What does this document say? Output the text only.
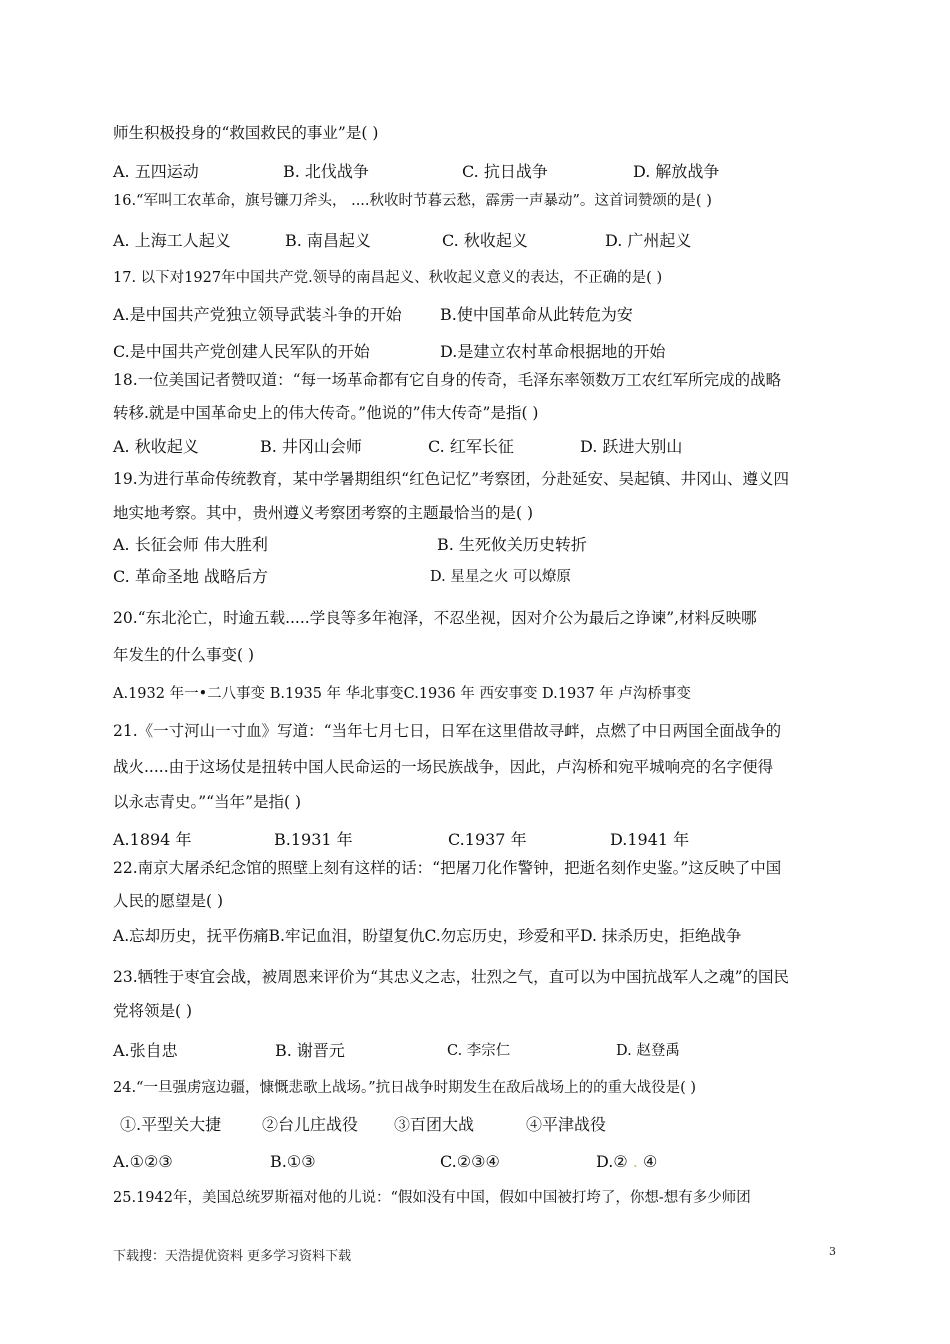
师生积极投身的“救国救民的事业”是( )
A. 五四运动	B. 北伐战争	C. 抗日战争	D. 解放战争
16.“军叫工农革命，旗号镰刀斧头， ....秋收时节暮云愁，霹雳一声暴动”。这首词赞颂的是( )
A. 上海工人起义	B. 南昌起义	C. 秋收起义	D. 广州起义
17. 以下对1927年中国共产党.领导的南昌起义、秋收起义意义的表达，不正确的是( )
A.是中国共产党独立领导武装斗争的开始 B.使中国革命从此转危为安
C.是中国共产党创建人民军队的开始	D.是建立农村革命根据地的开始
18.一位美国记者赞叹道：“每一场革命都有它自身的传奇，毛泽东率领数万工农红军所完成的战略
转移.就是中国革命史上的伟大传奇。”他说的”伟大传奇”是指( )
A. 秋收起义	B. 井冈山会师	C. 红军长征	D. 跃进大别山
19.为进行革命传统教育，某中学暑期组织“红色记忆”考察团，分赴延安、吴起镇、井冈山、遵义四
地实地考察。其中，贵州遵义考察团考察的主题最恰当的是( )
A. 长征会师 伟大胜利	B. 生死攸关历史转折
C. 革命圣地 战略后方	D. 星星之火 可以燎原
20.“东北沦亡，时逾五载.....学良等多年袍泽，不忍坐视，因对介公为最后之诤谏”,材料反映哪
年发生的什么事变( )
A.1932 年一•二八事变 B.1935 年 华北事变C.1936 年 西安事变 D.1937 年 卢沟桥事变
21.《一寸河山一寸血》写道：“当年七月七日，日军在这里借故寻衅，点燃了中日两国全面战争的
战火.....由于这场仗是扭转中国人民命运的一场民族战争，因此，卢沟桥和宛平城响亮的名字便得
以永志青史。”“当年”是指( )
A.1894 年	B.1931 年	C.1937 年	D.1941 年
22.南京大屠杀纪念馆的照壁上刻有这样的话：“把屠刀化作警钟，把逝名刻作史鉴。”这反映了中国
人民的愿望是( )
A.忘却历史，抚平伤痛B.牢记血泪，盼望复仇C.勿忘历史，珍爱和平D. 抹杀历史，拒绝战争
23.牺牲于枣宜会战，被周恩来评价为“其忠义之志，壮烈之气，直可以为中国抗战军人之魂”的国民
党将领是( )
A.张自忠	B. 谢晋元	C. 李宗仁	D. 赵登禹
24.“一旦强虏寇边疆，慷慨悲歌上战场。”抗日战争时期发生在敌后战场上的的重大战役是( )
①.平型关大捷	②台儿庄战役 ③百团大战	④平津战役
A.①②③	B.①③	C.②③④	D.② . ④
25.1942年，美国总统罗斯福对他的儿说：“假如没有中国，假如中国被打垮了，你想-想有多少师团
下载搜：天浩提优资料 更多学习资料下载	3
